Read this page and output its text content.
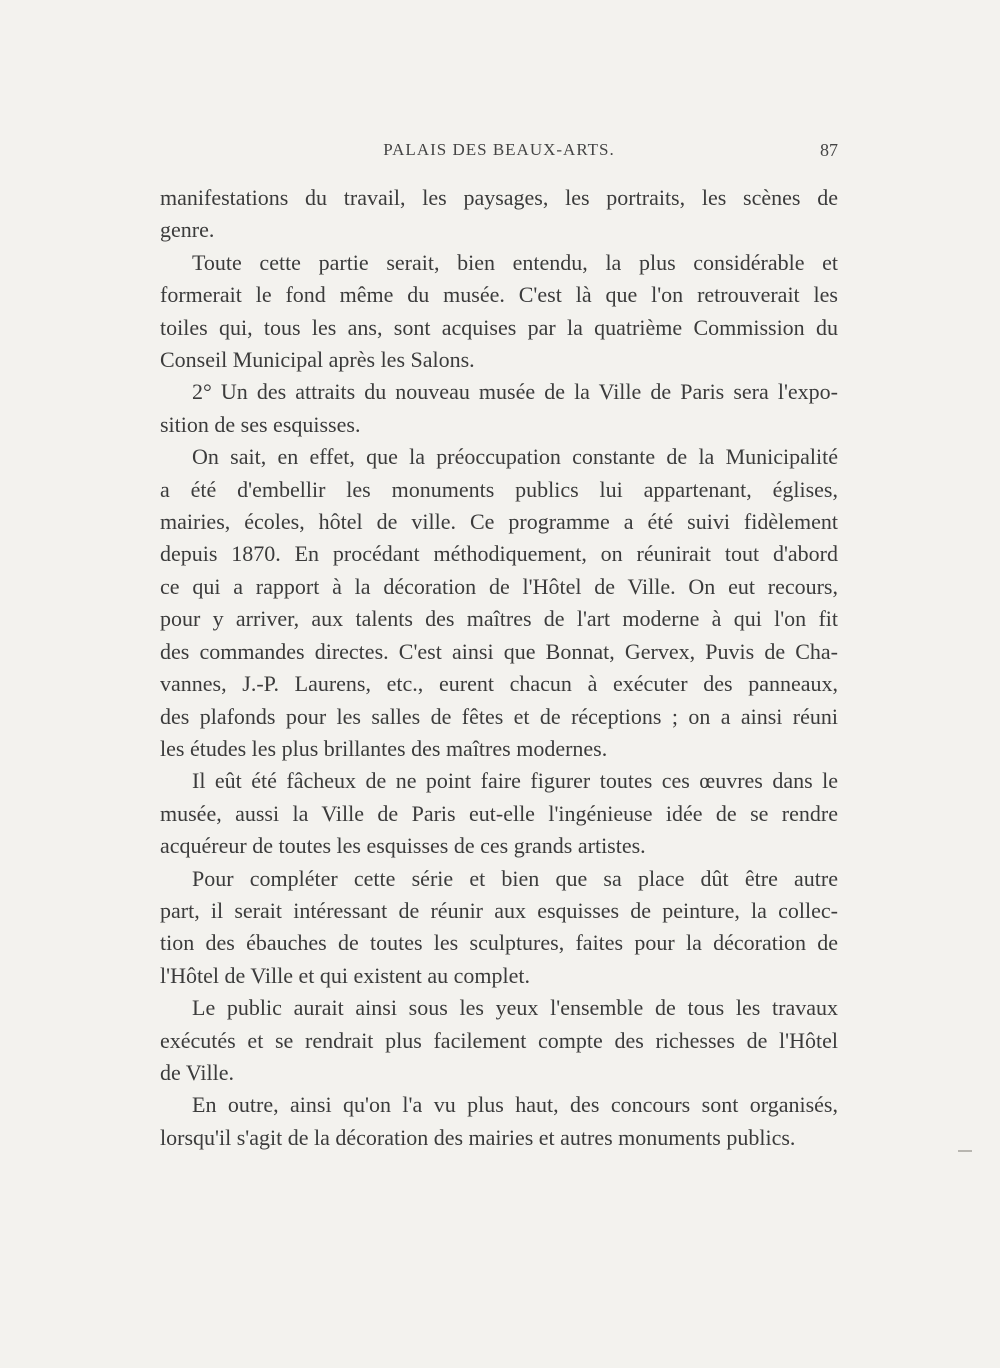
PALAIS DES BEAUX-ARTS.	87
manifestations du travail, les paysages, les portraits, les scènes de
genre.
Toute cette partie serait, bien entendu, la plus considérable et
formerait le fond même du musée. C'est là que l'on retrouverait les
toiles qui, tous les ans, sont acquises par la quatrième Commission du
Conseil Municipal après les Salons.
2° Un des attraits du nouveau musée de la Ville de Paris sera l'expo-
sition de ses esquisses.
On sait, en effet, que la préoccupation constante de la Municipalité
a été d'embellir les monuments publics lui appartenant, églises,
mairies, écoles, hôtel de ville. Ce programme a été suivi fidèlement
depuis 1870. En procédant méthodiquement, on réunirait tout d'abord
ce qui a rapport à la décoration de l'Hôtel de Ville. On eut recours,
pour y arriver, aux talents des maîtres de l'art moderne à qui l'on fit
des commandes directes. C'est ainsi que Bonnat, Gervex, Puvis de Cha-
vannes, J.-P. Laurens, etc., eurent chacun à exécuter des panneaux,
des plafonds pour les salles de fêtes et de réceptions ; on a ainsi réuni
les études les plus brillantes des maîtres modernes.
Il eût été fâcheux de ne point faire figurer toutes ces œuvres dans le
musée, aussi la Ville de Paris eut-elle l'ingénieuse idée de se rendre
acquéreur de toutes les esquisses de ces grands artistes.
Pour compléter cette série et bien que sa place dût être autre
part, il serait intéressant de réunir aux esquisses de peinture, la collec-
tion des ébauches de toutes les sculptures, faites pour la décoration de
l'Hôtel de Ville et qui existent au complet.
Le public aurait ainsi sous les yeux l'ensemble de tous les travaux
exécutés et se rendrait plus facilement compte des richesses de l'Hôtel
de Ville.
En outre, ainsi qu'on l'a vu plus haut, des concours sont organisés,
lorsqu'il s'agit de la décoration des mairies et autres monuments publics.
